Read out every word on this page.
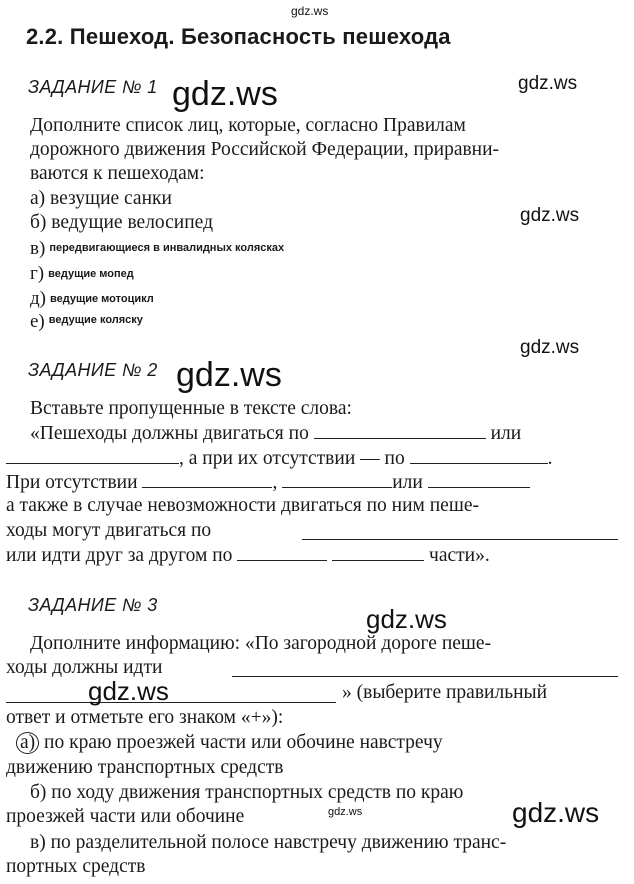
gdz.ws
2.2. Пешеход. Безопасность пешехода
ЗАДАНИЕ № 1 gdz.ws	gdz.ws
Дополните список лиц, которые, согласно Правилам
дорожного движения Российской Федерации, приравни-
ваются к пешеходам:
а) везущие санки
б) ведущие велосипед	gdz.ws
в) передвигающиеся в инвалидных колясках
г) ведущие мопед
д) ведущие мотоцикл
е) $^{ведущие коляску}$
gdz.ws
ЗАДАНИЕ № 2 gdz.ws
Вставьте пропущенные в тексте слова:
«Пешеходы должны двигаться по	или
, а при их отсутствии — по	.
При отсутствии	,	или
а также в случае невозможности двигаться по ним пеше-
ходы могут двигаться по
или идти друг за другом по	части».
ЗАДАНИЕ № 3	gdz.ws
Дополните информацию: «По загородной дороге пеше-
ходы должны идти
gdz.ws	» (выберите правильный
ответ и отметьте его знаком «+»):
а) по краю проезжей части или обочине навстречу
движению транспортных средств
б) по ходу движения транспортных средств по краю
проезжей части или обочине	gdz.ws	gdz.ws
в) по разделительной полосе навстречу движению транс-
портных средств
